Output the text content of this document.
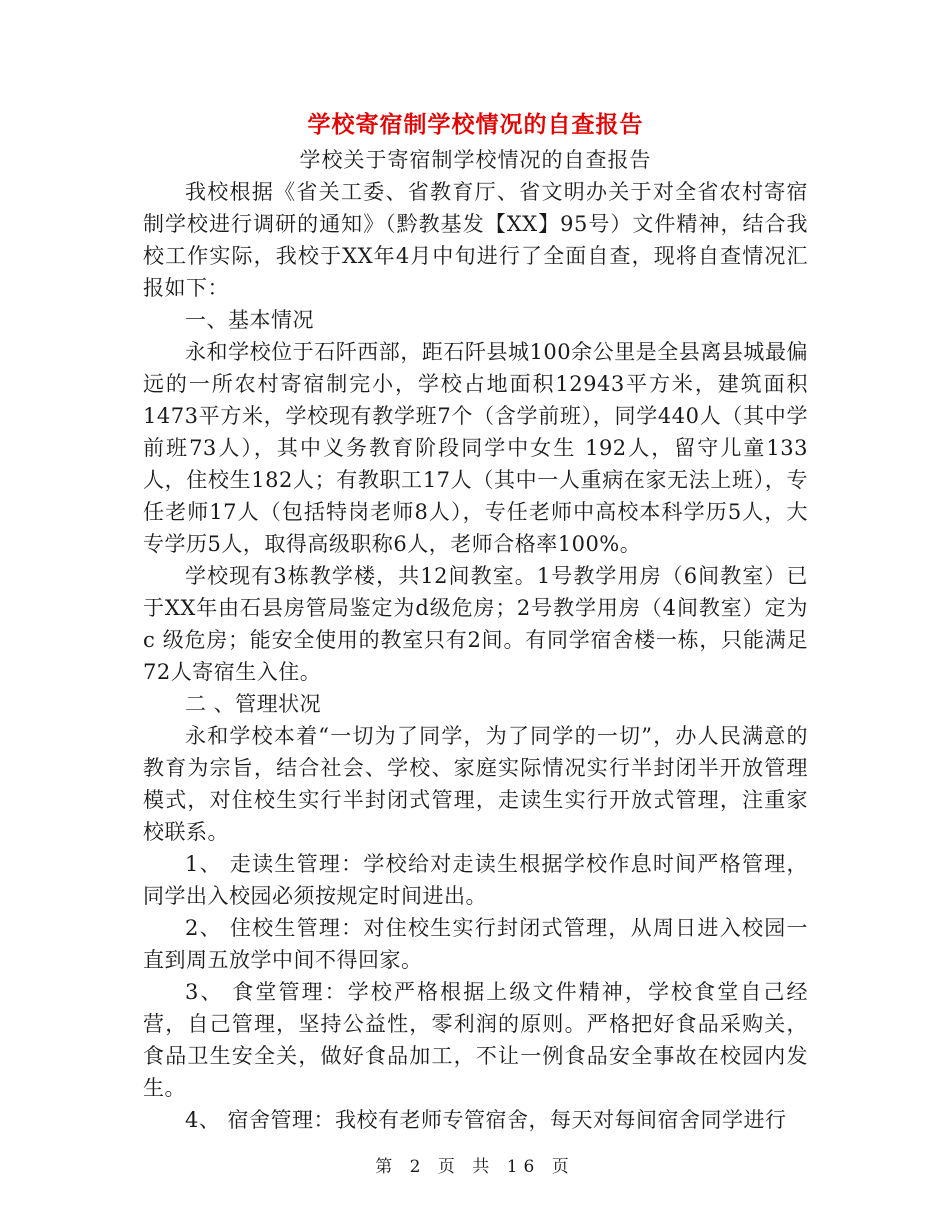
学校寄宿制学校情况的自查报告

学校关于寄宿制学校情况的自查报告

我校根据《省关工委、省教育厅、省文明办关于对全省农村寄宿制学校进行调研的通知》（黔教基发【XX】95号）文件精神，结合我校工作实际，我校于XX年4月中旬进行了全面自查，现将自查情况汇报如下：

一、基本情况

永和学校位于石阡西部，距石阡县城100余公里是全县离县城最偏远的一所农村寄宿制完小，学校占地面积12943平方米，建筑面积1473平方米，学校现有教学班7个（含学前班），同学440人（其中学前班73人），其中义务教育阶段同学中女生 192人，留守儿童133人，住校生182人；有教职工17人（其中一人重病在家无法上班），专任老师17人（包括特岗老师8人），专任老师中高校本科学历5人，大专学历5人，取得高级职称6人，老师合格率100%。

学校现有3栋教学楼，共12间教室。1号教学用房（6间教室）已于XX年由石县房管局鉴定为d级危房；2号教学用房（4间教室）定为c 级危房；能安全使用的教室只有2间。有同学宿舍楼一栋，只能满足72人寄宿生入住。

二 、管理状况

永和学校本着“一切为了同学，为了同学的一切”，办人民满意的教育为宗旨，结合社会、学校、家庭实际情况实行半封闭半开放管理模式，对住校生实行半封闭式管理，走读生实行开放式管理，注重家校联系。

1、 走读生管理：学校给对走读生根据学校作息时间严格管理，同学出入校园必须按规定时间进出。

2、 住校生管理：对住校生实行封闭式管理，从周日进入校园一直到周五放学中间不得回家。

3、 食堂管理：学校严格根据上级文件精神，学校食堂自己经营，自己管理，坚持公益性，零利润的原则。严格把好食品采购关，食品卫生安全关，做好食品加工，不让一例食品安全事故在校园内发生。

4、 宿舍管理：我校有老师专管宿舍，每天对每间宿舍同学进行

第 2 页 共 16 页
